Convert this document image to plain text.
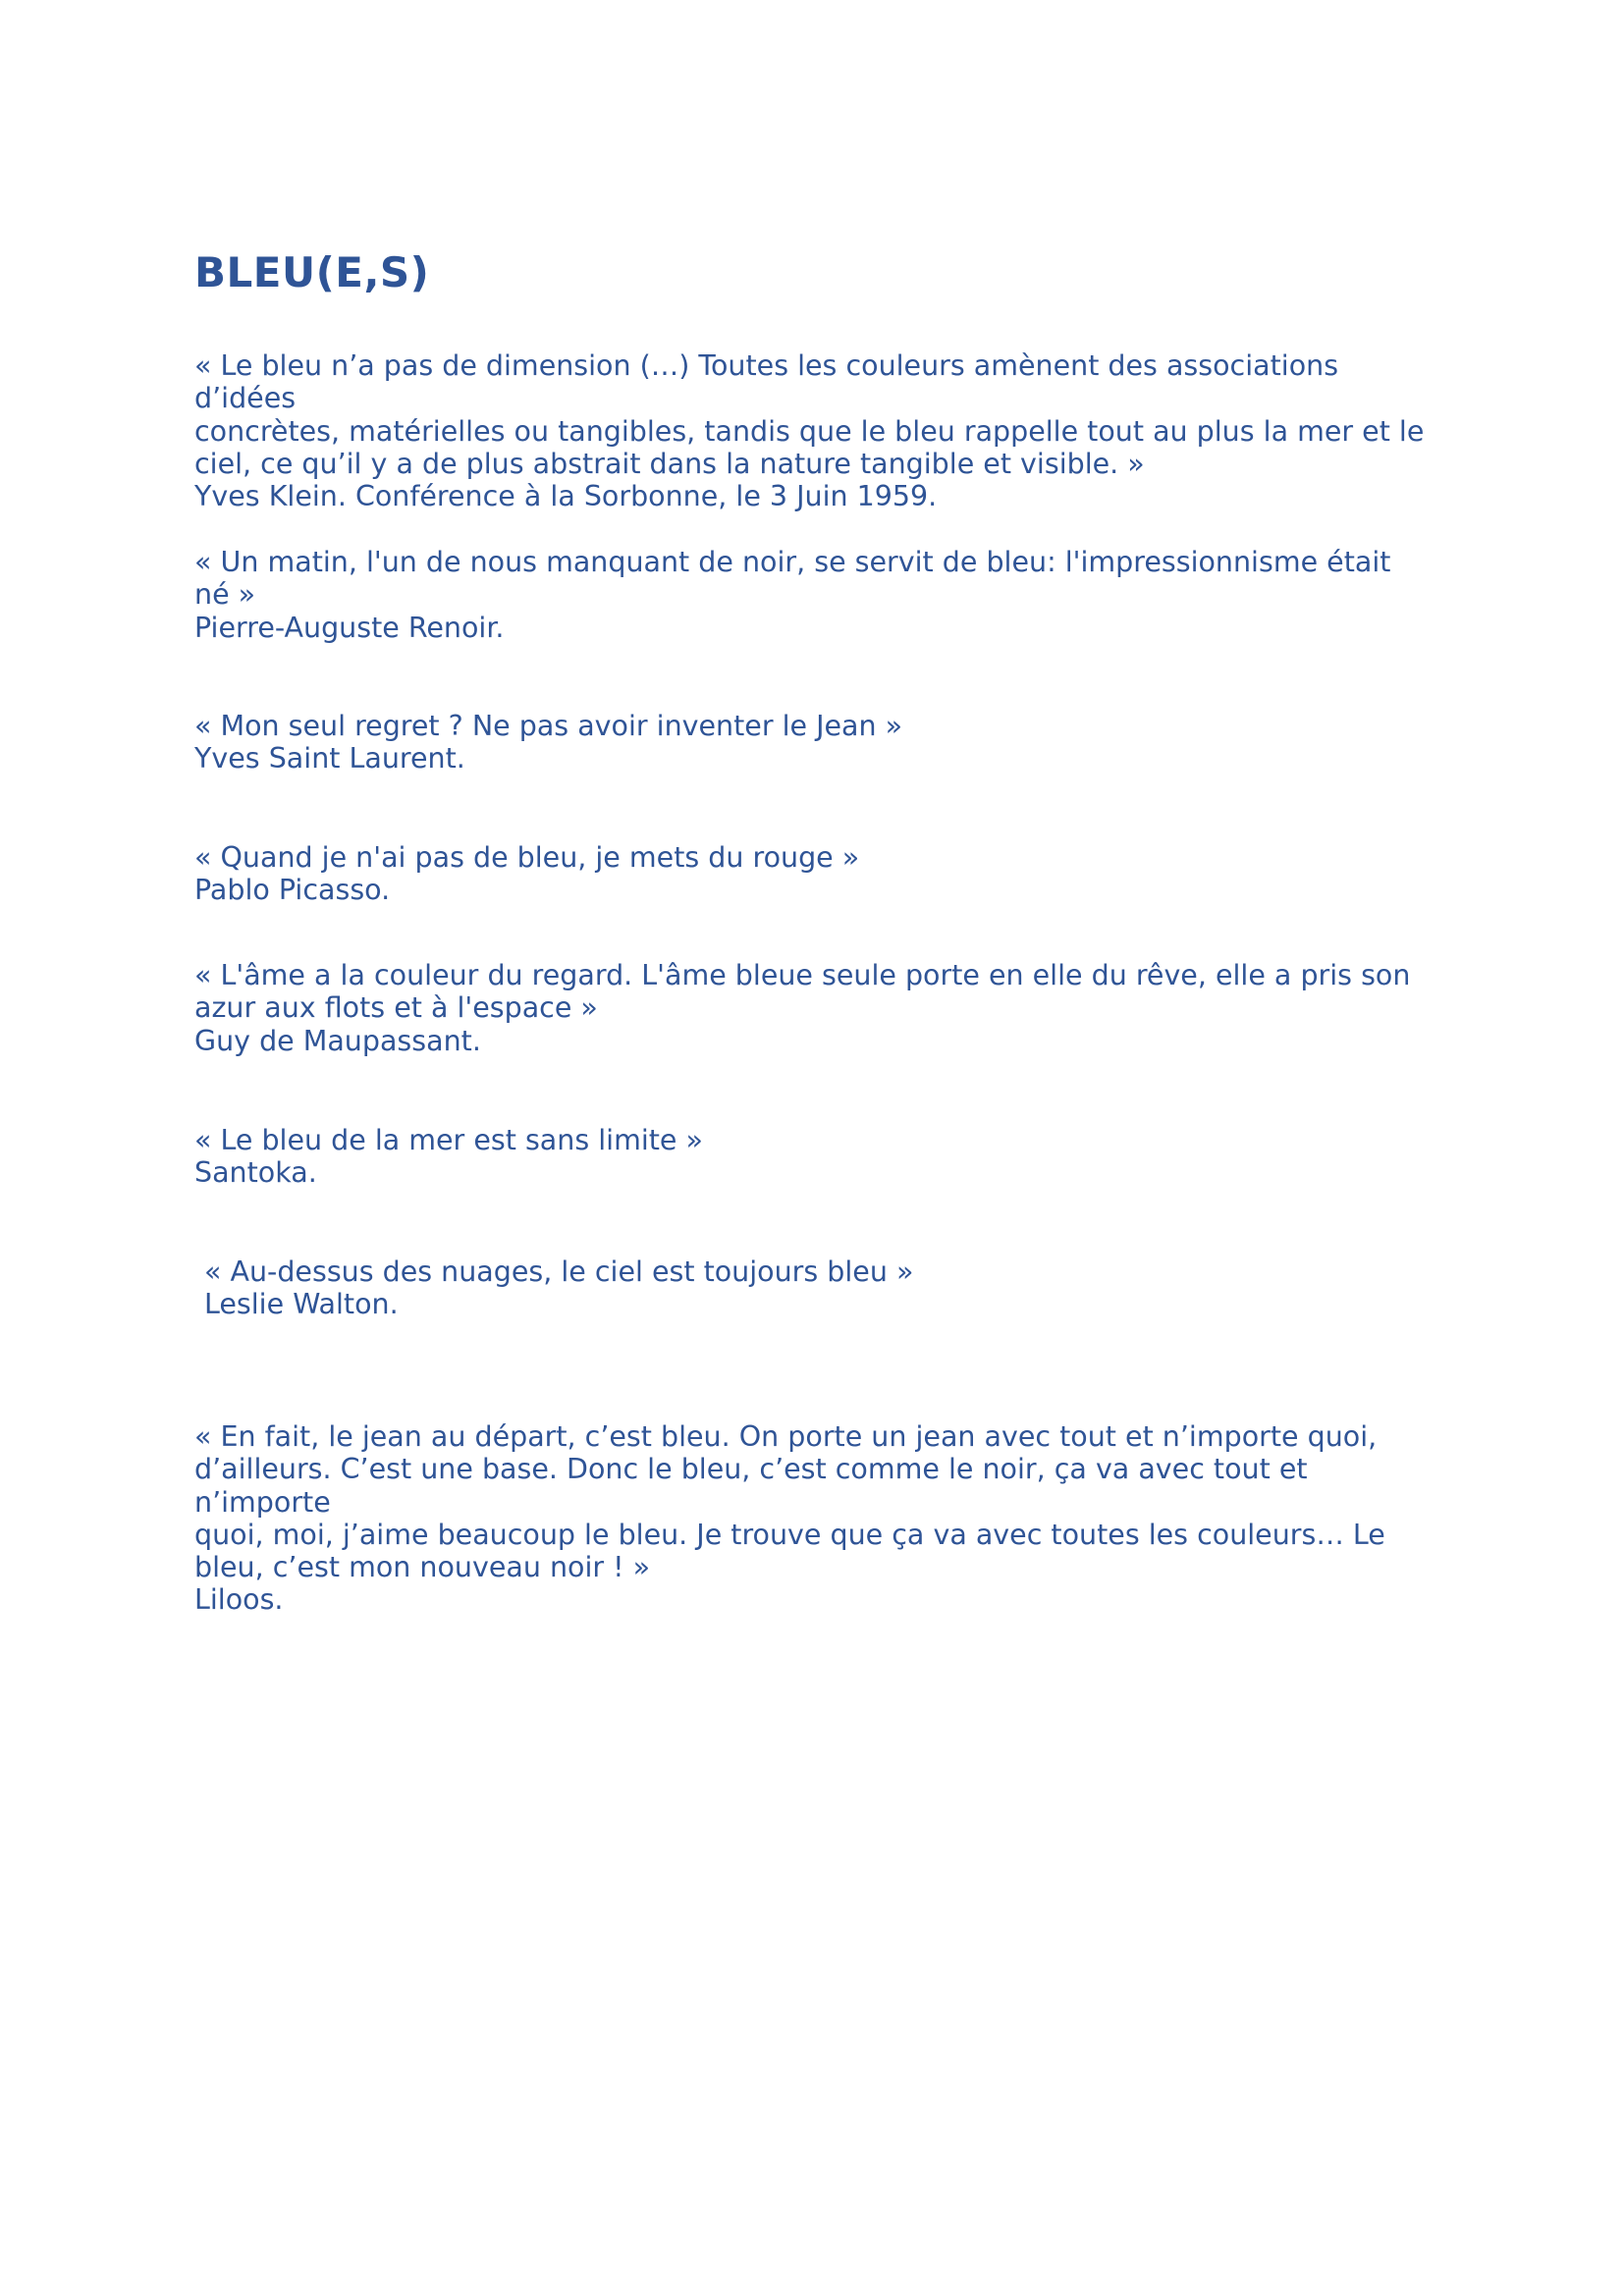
BLEU(E,S)

« Le bleu n’a pas de dimension (…) Toutes les couleurs amènent des associations d’idées
concrètes, matérielles ou tangibles, tandis que le bleu rappelle tout au plus la mer et le
ciel, ce qu’il y a de plus abstrait dans la nature tangible et visible. »

Yves Klein. Conférence à la Sorbonne, le 3 Juin 1959.

« Un matin, l'un de nous manquant de noir, se servit de bleu: l'impressionnisme était
né »

Pierre-Auguste Renoir.

« Mon seul regret ? Ne pas avoir inventer le Jean »

Yves Saint Laurent.

« Quand je n'ai pas de bleu, je mets du rouge »

Pablo Picasso.

« L'âme a la couleur du regard. L'âme bleue seule porte en elle du rêve, elle a pris son
azur aux flots et à l'espace »

Guy de Maupassant.

« Le bleu de la mer est sans limite »

Santoka.

« Au-dessus des nuages, le ciel est toujours bleu »

Leslie Walton.

« En fait, le jean au départ, c’est bleu. On porte un jean avec tout et n’importe quoi,
d’ailleurs. C’est une base. Donc le bleu, c’est comme le noir, ça va avec tout et n’importe
quoi, moi, j’aime beaucoup le bleu. Je trouve que ça va avec toutes les couleurs… Le
bleu, c’est mon nouveau noir ! »

Liloos.
